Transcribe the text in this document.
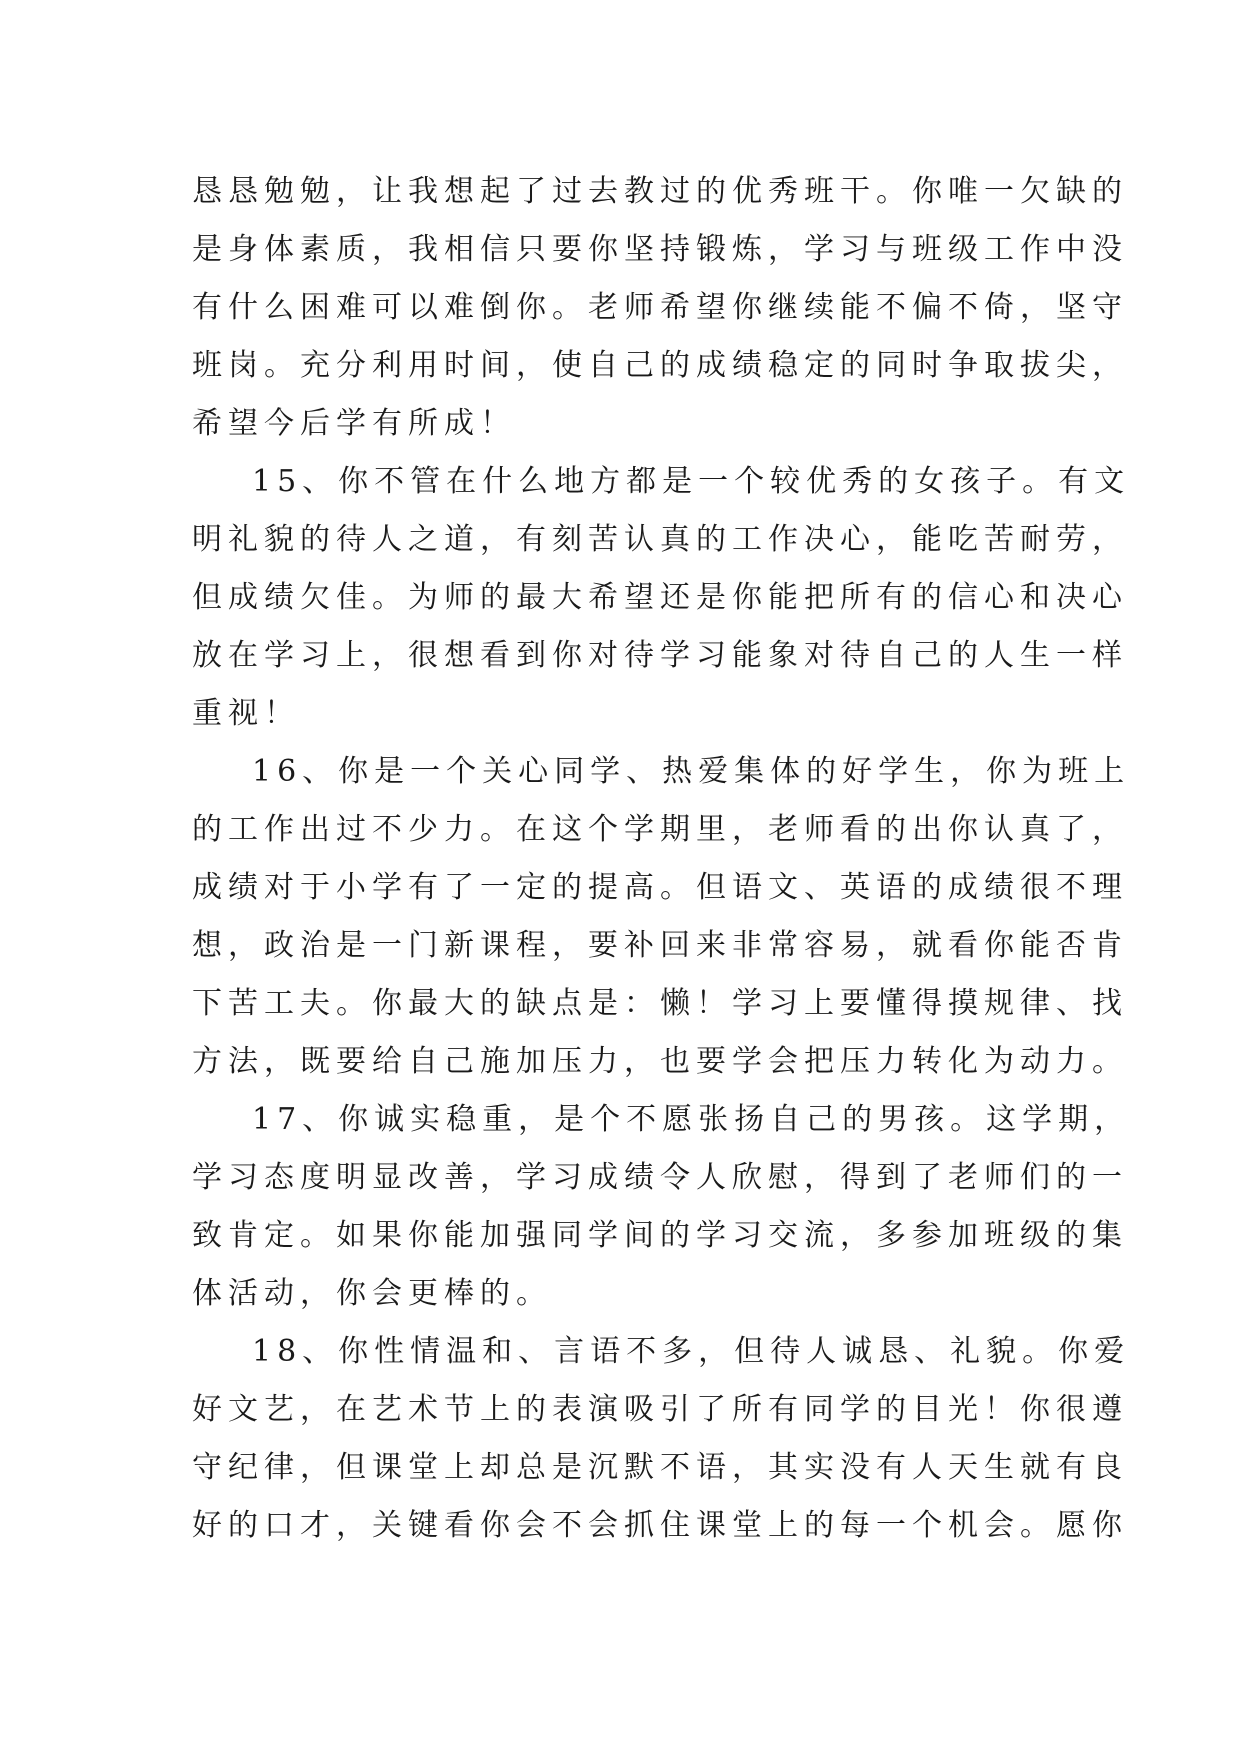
恳恳勉勉，让我想起了过去教过的优秀班干。你唯一欠缺的
是身体素质，我相信只要你坚持锻炼，学习与班级工作中没
有什么困难可以难倒你。老师希望你继续能不偏不倚，坚守
班岗。充分利用时间，使自己的成绩稳定的同时争取拔尖，
希望今后学有所成！
15、你不管在什么地方都是一个较优秀的女孩子。有文
明礼貌的待人之道，有刻苦认真的工作决心，能吃苦耐劳，
但成绩欠佳。为师的最大希望还是你能把所有的信心和决心
放在学习上，很想看到你对待学习能象对待自己的人生一样
重视！
16、你是一个关心同学、热爱集体的好学生，你为班上
的工作出过不少力。在这个学期里，老师看的出你认真了，
成绩对于小学有了一定的提高。但语文、英语的成绩很不理
想，政治是一门新课程，要补回来非常容易，就看你能否肯
下苦工夫。你最大的缺点是：懒！学习上要懂得摸规律、找
方法，既要给自己施加压力，也要学会把压力转化为动力。
17、你诚实稳重，是个不愿张扬自己的男孩。这学期，
学习态度明显改善，学习成绩令人欣慰，得到了老师们的一
致肯定。如果你能加强同学间的学习交流，多参加班级的集
体活动，你会更棒的。
18、你性情温和、言语不多，但待人诚恳、礼貌。你爱
好文艺，在艺术节上的表演吸引了所有同学的目光！你很遵
守纪律，但课堂上却总是沉默不语，其实没有人天生就有良
好的口才，关键看你会不会抓住课堂上的每一个机会。愿你
